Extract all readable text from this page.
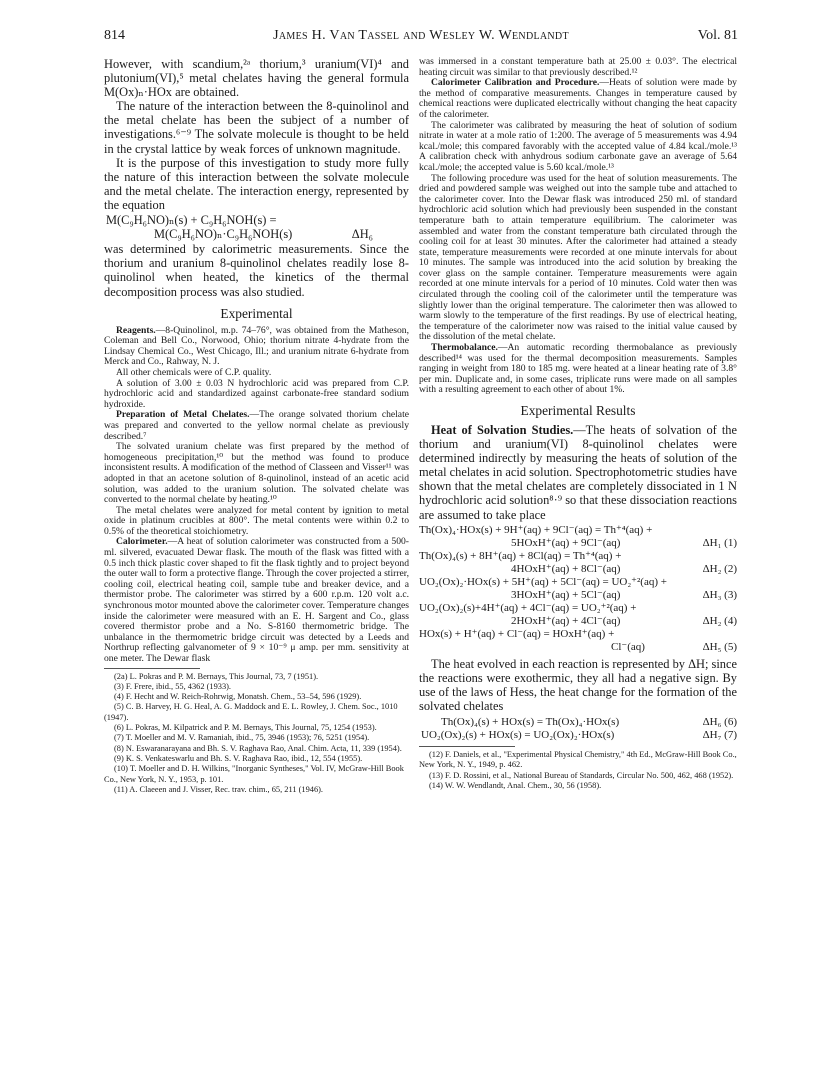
814	James H. Van Tassel and Wesley W. Wendlandt	Vol. 81

However, with scandium,²ᵃ thorium,³ uranium(VI)⁴ and plutonium(VI),⁵ metal chelates having the general formula M(Ox)ₙ·HOx are obtained.

The nature of the interaction between the 8-quinolinol and the metal chelate has been the subject of a number of investigations.⁶⁻⁹ The solvate molecule is thought to be held in the crystal lattice by weak forces of unknown magnitude.

It is the purpose of this investigation to study more fully the nature of this interaction between the solvate molecule and the metal chelate. The interaction energy, represented by the equation

M(C₉H₆NO)ₙ(s) + C₉H₆NOH(s) =
M(C₉H₆NO)ₙ·C₉H₆NOH(s)	ΔH₆

was determined by calorimetric measurements. Since the thorium and uranium 8-quinolinol chelates readily lose 8-quinolinol when heated, the kinetics of the thermal decomposition process was also studied.

Experimental

Reagents.—8-Quinolinol, m.p. 74–76°, was obtained from the Matheson, Coleman and Bell Co., Norwood, Ohio; thorium nitrate 4-hydrate from the Lindsay Chemical Co., West Chicago, Ill.; and uranium nitrate 6-hydrate from Merck and Co., Rahway, N. J.

All other chemicals were of C.P. quality.

A solution of 3.00 ± 0.03 N hydrochloric acid was prepared from C.P. hydrochloric acid and standardized against carbonate-free standard sodium hydroxide.

Preparation of Metal Chelates.—The orange solvated thorium chelate was prepared and converted to the yellow normal chelate as previously described.⁷

The solvated uranium chelate was first prepared by the method of homogeneous precipitation,¹⁰ but the method was found to produce inconsistent results. A modification of the method of Classeen and Visser¹¹ was adopted in that an acetone solution of 8-quinolinol, instead of an acetic acid solution, was added to the uranium solution. The solvated chelate was converted to the normal chelate by heating.¹⁰

The metal chelates were analyzed for metal content by ignition to metal oxide in platinum crucibles at 800°. The metal contents were within 0.2 to 0.5% of the theoretical stoichiometry.

Calorimeter.—A heat of solution calorimeter was constructed from a 500-ml. silvered, evacuated Dewar flask. The mouth of the flask was fitted with a 0.5 inch thick plastic cover shaped to fit the flask tightly and to project beyond the outer wall to form a protective flange. Through the cover projected a stirrer, cooling coil, electrical heating coil, sample tube and breaker device, and a thermistor probe. The calorimeter was stirred by a 600 r.p.m. 120 volt a.c. synchronous motor mounted above the calorimeter cover. Temperature changes inside the calorimeter were measured with an E. H. Sargent and Co., glass covered thermistor probe and a No. S-8160 thermometric bridge. The unbalance in the thermometric bridge circuit was detected by a Leeds and Northrup reflecting galvanometer of 9 × 10⁻⁹ μ amp. per mm. sensitivity at one meter. The Dewar flask

(2a) L. Pokras and P. M. Bernays, This Journal, 73, 7 (1951).

(3) F. Frere, ibid., 55, 4362 (1933).

(4) F. Hecht and W. Reich-Rohrwig, Monatsh. Chem., 53–54, 596 (1929).

(5) C. B. Harvey, H. G. Heal, A. G. Maddock and E. L. Rowley, J. Chem. Soc., 1010 (1947).

(6) L. Pokras, M. Kilpatrick and P. M. Bernays, This Journal, 75, 1254 (1953).

(7) T. Moeller and M. V. Ramaniah, ibid., 75, 3946 (1953); 76, 5251 (1954).

(8) N. Eswaranarayana and Bh. S. V. Raghava Rao, Anal. Chim. Acta, 11, 339 (1954).

(9) K. S. Venkateswarlu and Bh. S. V. Raghava Rao, ibid., 12, 554 (1955).

(10) T. Moeller and D. H. Wilkins, "Inorganic Syntheses," Vol. IV, McGraw-Hill Book Co., New York, N. Y., 1953, p. 101.

(11) A. Claeeen and J. Visser, Rec. trav. chim., 65, 211 (1946).

was immersed in a constant temperature bath at 25.00 ± 0.03°. The electrical heating circuit was similar to that previously described.¹²

Calorimeter Calibration and Procedure.—Heats of solution were made by the method of comparative measurements. Changes in temperature caused by chemical reactions were duplicated electrically without changing the heat capacity of the calorimeter.

The calorimeter was calibrated by measuring the heat of solution of sodium nitrate in water at a mole ratio of 1:200. The average of 5 measurements was 4.94 kcal./mole; this compared favorably with the accepted value of 4.84 kcal./mole.¹³ A calibration check with anhydrous sodium carbonate gave an average of 5.64 kcal./mole; the accepted value is 5.60 kcal./mole.¹³

The following procedure was used for the heat of solution measurements. The dried and powdered sample was weighed out into the sample tube and attached to the calorimeter cover. Into the Dewar flask was introduced 250 ml. of standard hydrochloric acid solution which had previously been suspended in the constant temperature bath to attain temperature equilibrium. The calorimeter was assembled and water from the constant temperature bath circulated through the cooling coil for at least 30 minutes. After the calorimeter had attained a steady state, temperature measurements were recorded at one minute intervals for about 10 minutes. The sample was introduced into the acid solution by breaking the cover glass on the sample container. Temperature measurements were again recorded at one minute intervals for a period of 10 minutes. Cold water then was circulated through the cooling coil of the calorimeter until the temperature was slightly lower than the original temperature. The calorimeter then was allowed to warm slowly to the temperature of the first readings. By use of electrical heating, the temperature of the calorimeter now was raised to the initial value caused by the dissolution of the metal chelate.

Thermobalance.—An automatic recording thermobalance as previously described¹⁴ was used for the thermal decomposition measurements. Samples ranging in weight from 180 to 185 mg. were heated at a linear heating rate of 3.8° per min. Duplicate and, in some cases, triplicate runs were made on all samples with a resulting agreement to each other of about 1%.

Experimental Results

Heat of Solvation Studies.—The heats of solvation of the thorium and uranium(VI) 8-quinolinol chelates were determined indirectly by measuring the heats of solution of the metal chelates in acid solution. Spectrophotometric studies have shown that the metal chelates are completely dissociated in 1 N hydrochloric acid solution⁸·⁹ so that these dissociation reactions are assumed to take place

Th(Ox)₄·HOx(s) + 9H⁺(aq) + 9Cl⁻(aq) = Th⁺⁴(aq) +
5HOxH⁺(aq) + 9Cl⁻(aq)	ΔH₁ (1)
Th(Ox)₄(s) + 8H⁺(aq) + 8Cl(aq) = Th⁺⁴(aq) +
4HOxH⁺(aq) + 8Cl⁻(aq)	ΔH₂ (2)
UO₂(Ox)₂·HOx(s) + 5H⁺(aq) + 5Cl⁻(aq) = UO₂⁺²(aq) +
3HOxH⁺(aq) + 5Cl⁻(aq)	ΔH₃ (3)
UO₂(Ox)₂(s)+4H⁺(aq) + 4Cl⁻(aq) = UO₂⁺²(aq) +
2HOxH⁺(aq) + 4Cl⁻(aq)	ΔH₂ (4)
HOx(s) + H⁺(aq) + Cl⁻(aq) = HOxH⁺(aq) +
Cl⁻(aq)	ΔH₅ (5)

The heat evolved in each reaction is represented by ΔH; since the reactions were exothermic, they all had a negative sign. By use of the laws of Hess, the heat change for the formation of the solvated chelates

Th(Ox)₄(s) + HOx(s) = Th(Ox)₄·HOx(s)	ΔH₆ (6)
UO₂(Ox)₂(s) + HOx(s) = UO₂(Ox)₂·HOx(s)	ΔH₇ (7)

(12) F. Daniels, et al., "Experimental Physical Chemistry," 4th Ed., McGraw-Hill Book Co., New York, N. Y., 1949, p. 462.

(13) F. D. Rossini, et al., National Bureau of Standards, Circular No. 500, 462, 468 (1952).

(14) W. W. Wendlandt, Anal. Chem., 30, 56 (1958).
